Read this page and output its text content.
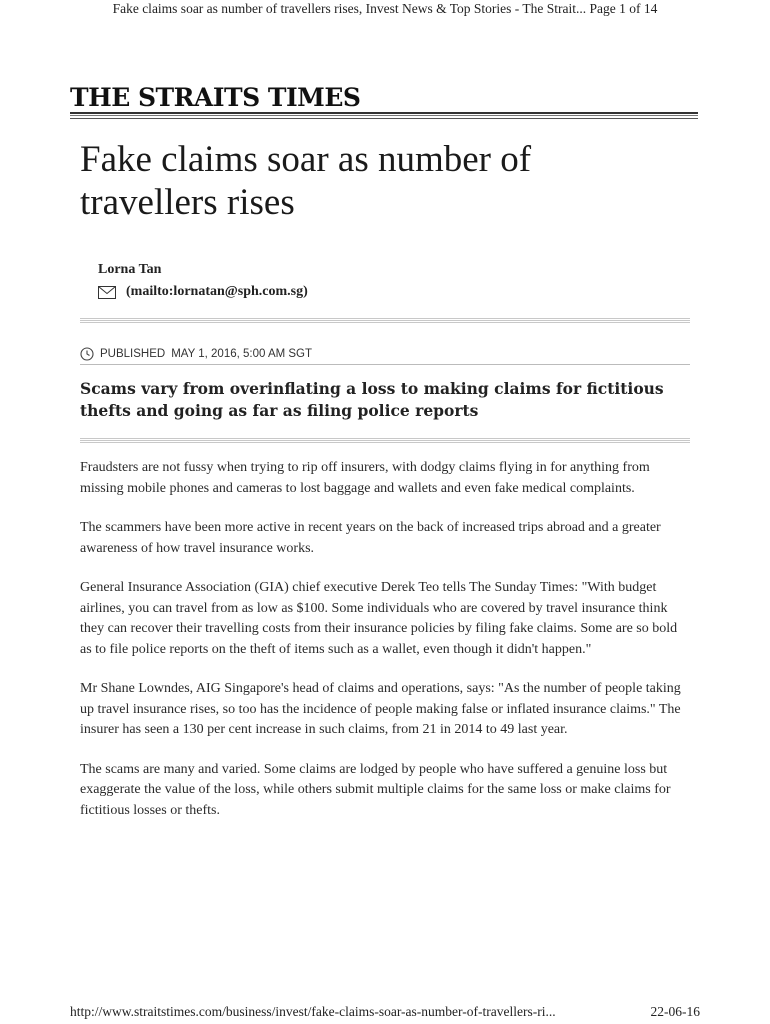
Fake claims soar as number of travellers rises, Invest News & Top Stories - The Strait... Page 1 of 14
THE STRAITS TIMES
Fake claims soar as number of travellers rises
Lorna Tan
(mailto:lornatan@sph.com.sg)
PUBLISHED MAY 1, 2016, 5:00 AM SGT
Scams vary from overinflating a loss to making claims for fictitious thefts and going as far as filing police reports

Fraudsters are not fussy when trying to rip off insurers, with dodgy claims flying in for anything from missing mobile phones and cameras to lost baggage and wallets and even fake medical complaints.

The scammers have been more active in recent years on the back of increased trips abroad and a greater awareness of how travel insurance works.

General Insurance Association (GIA) chief executive Derek Teo tells The Sunday Times: "With budget airlines, you can travel from as low as $100. Some individuals who are covered by travel insurance think they can recover their travelling costs from their insurance policies by filing fake claims. Some are so bold as to file police reports on the theft of items such as a wallet, even though it didn't happen."

Mr Shane Lowndes, AIG Singapore's head of claims and operations, says: "As the number of people taking up travel insurance rises, so too has the incidence of people making false or inflated insurance claims." The insurer has seen a 130 per cent increase in such claims, from 21 in 2014 to 49 last year.

The scams are many and varied. Some claims are lodged by people who have suffered a genuine loss but exaggerate the value of the loss, while others submit multiple claims for the same loss or make claims for fictitious losses or thefts.

http://www.straitstimes.com/business/invest/fake-claims-soar-as-number-of-travellers-ri...	22-06-16
